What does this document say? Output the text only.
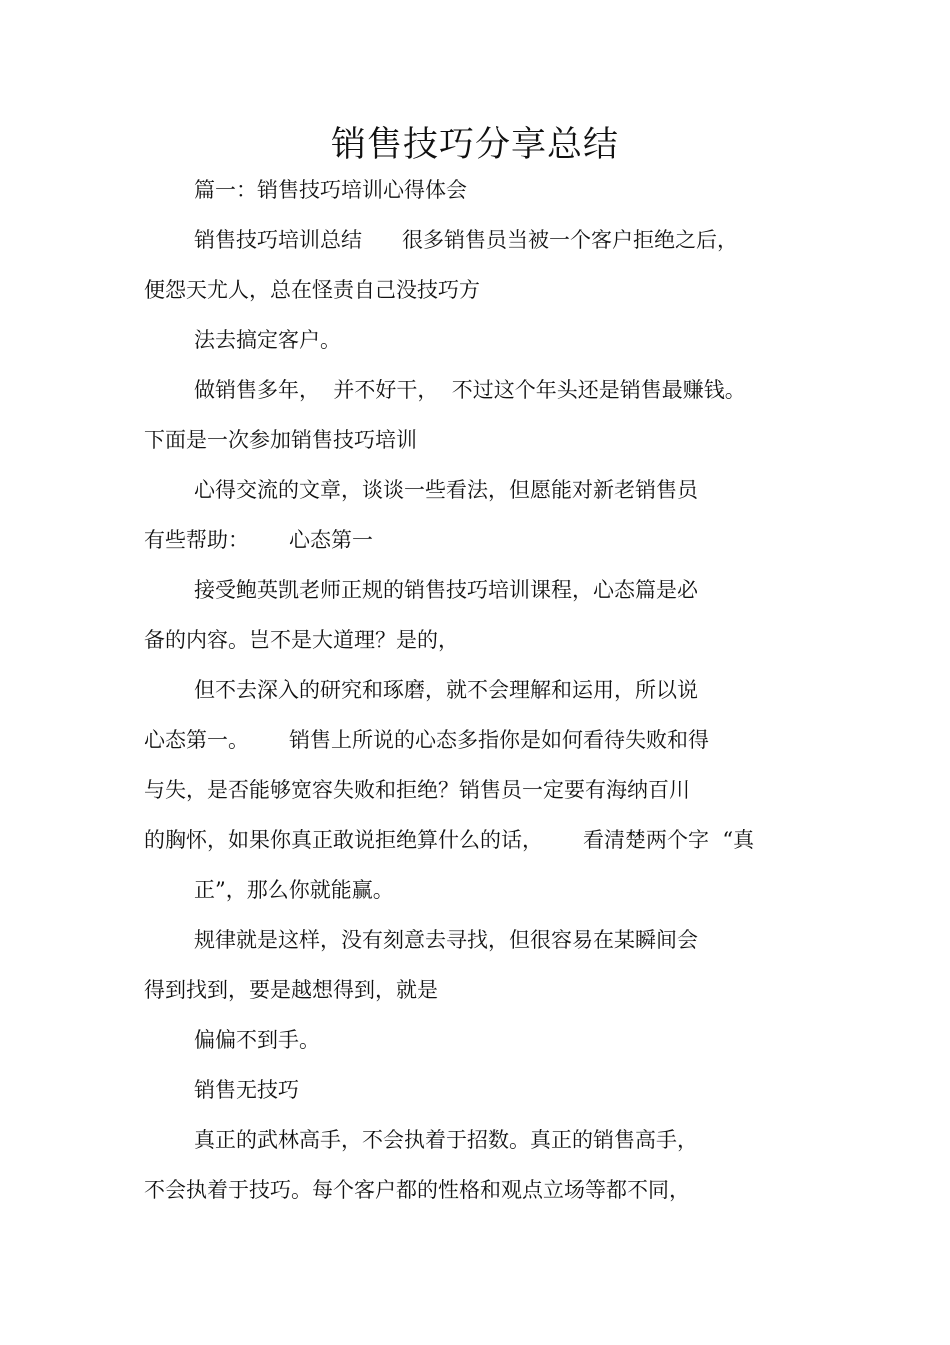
销售技巧分享总结

篇一：销售技巧培训心得体会

销售技巧培训总结      很多销售员当被一个客户拒绝之后，

便怨天尤人，总在怪责自己没技巧方

法去搞定客户。

做销售多年，  并不好干，  不过这个年头还是销售最赚钱。

下面是一次参加销售技巧培训

心得交流的文章，谈谈一些看法，但愿能对新老销售员

有些帮助：      心态第一

接受鲍英凯老师正规的销售技巧培训课程，心态篇是必

备的内容。岂不是大道理？是的，

但不去深入的研究和琢磨，就不会理解和运用，所以说

心态第一。      销售上所说的心态多指你是如何看待失败和得

与失，是否能够宽容失败和拒绝？销售员一定要有海纳百川

的胸怀，如果你真正敢说拒绝算什么的话，      看清楚两个字  “真

正”，那么你就能赢。

规律就是这样，没有刻意去寻找，但很容易在某瞬间会

得到找到，要是越想得到，就是

偏偏不到手。

销售无技巧

真正的武林高手，不会执着于招数。真正的销售高手，

不会执着于技巧。每个客户都的性格和观点立场等都不同，
